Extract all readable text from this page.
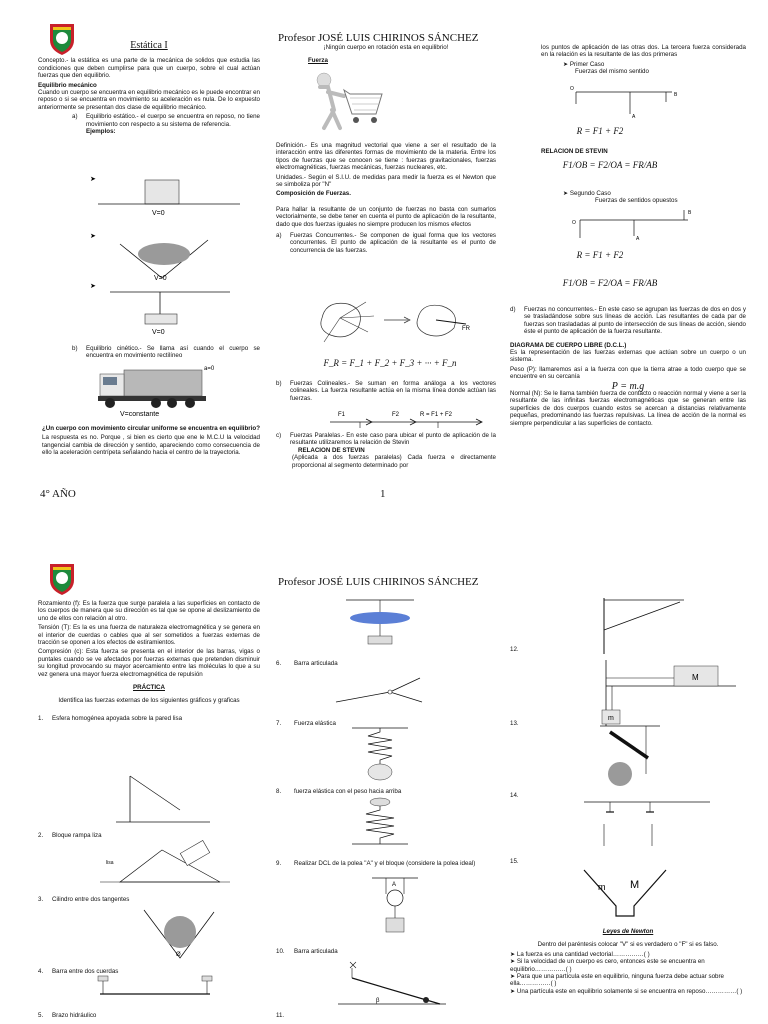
Profesor JOSÉ LUIS CHIRINOS SÁNCHEZ
Estática I

Concepto.- la estática es una parte de la mecánica de solidos que estudia las condiciones que deben cumplirse para que un cuerpo, sobre el cual actúan fuerzas que den equilibrio.

Equilibrio mecánico

Cuando un cuerpo se encuentra en equilibrio mecánico es le puede encontrar en reposo o si se encuentra en movimiento su aceleración es nula. De lo expuesto anteriormente se presentan dos clase de equilibrio mecánico.

a)	Equilibrio estático.- el cuerpo se encuentra en reposo, no tiene movimiento con respecto a su sistema de referencia.
Ejemplos:
➤
V=0
➤
V=0
➤
V=0
b)	Equilibrio cinético.- Se llama así cuando el cuerpo se encuentra en movimiento rectilíneo
a=0
V=constante

¿Un cuerpo con movimiento circular uniforme se encuentra en equilibrio?

La respuesta es no. Porque , si bien es cierto que ene le M.C.U la velocidad tangencial cambia de dirección y sentido, apareciendo como consecuencia de ello la aceleración centrípeta señalando hacia el centro de la trayectoria.

4° AÑO	1
¡Ningún cuerpo en rotación esta en equilibrio!
Fuerza

Definición.- Es una magnitud vectorial que viene a ser el resultado de la interacción entre las diferentes formas de movimiento de la materia. Entre los tipos de fuerzas que se conocen se tiene : fuerzas gravitacionales, fuerzas electromagnéticas, fuerzas mecánicas, fuerzas nucleares, etc.

Unidades.- Según el S.I.U. de medidas para medir la fuerza es el Newton que se simboliza por "N"

Composición de Fuerzas.

Para hallar la resultante de un conjunto de fuerzas no basta con sumarlos vectorialmente, se debe tener en cuenta el punto de aplicación de la resultante, dado que dos fuerzas iguales no siempre producen los mismos efectos

a)	Fuerzas Concurrentes.- Se componen de igual forma que los vectores concurrentes. El punto de aplicación de la resultante es el punto de concurrencia de las fuerzas.
FR
F_R = F_1 + F_2 + F_3 + ··· + F_n
b)	Fuerzas Colineales.- Se suman en forma análoga a los vectores colineales. La fuerza resultante actúa en la misma línea donde actúan las fuerzas.
F1	F2	R = F1 + F2
c)	Fuerzas Paralelas.- En este caso para ubicar el punto de aplicación de la resultante utilizaremos la relación de Stevin
RELACION DE STEVIN

(Aplicada a dos fuerzas paralelas) Cada fuerza e directamente proporcional al segmento determinado por

los puntos de aplicación de las otras dos. La tercera fuerza considerada en la relación es la resultante de las dos primeras

➤ Primer Caso
Fuerzas del mismo sentido
O
A
B
R = F1 + F2
RELACION DE STEVIN
F1/OB = F2/OA = FR/AB
➤ Segundo Caso
Fuerzas de sentidos opuestos
O
A
B
R = F1 + F2
F1/OB = F2/OA = FR/AB
d)	Fuerzas no concurrentes.- En este caso se agrupan las fuerzas de dos en dos y se trasladándose sobre sus líneas de acción. Las resultantes de cada par de fuerzas son trasladadas al punto de intersección de sus líneas de acción, siendo éste el punto de aplicación de la fuerza resultante.
DIAGRAMA DE CUERPO LIBRE (D.C.L.)

Es la representación de las fuerzas externas que actúan sobre un cuerpo o un sistema.

Peso (P): llamaremos así a la fuerza con que la tierra atrae a todo cuerpo que se encuentre en su cercanía

P = m.g

Normal (N): Se le llama también fuerza de contacto o reacción normal y viene a ser la resultante de las infinitas fuerzas electromagnéticas que se generan entre las superficies de dos cuerpos cuando estos se acercan a distancias relativamente pequeñas, predominando las fuerzas repulsivas. La línea de acción de la normal es siempre perpendicular a las superficies de contacto.

Profesor JOSÉ LUIS CHIRINOS SÁNCHEZ

Rozamiento (f): Es la fuerza que surge paralela a las superficies en contacto de los cuerpos de manera que su dirección es tal que se opone al deslizamiento de uno de ellos con relación al otro.

Tensión (T): Es la es una fuerza de naturaleza electromagnética y se genera en el interior de cuerdas o cables que al ser sometidos a fuerzas externas de tracción se oponen a los efectos de estiramientos.

Compresión (c): Esta fuerza se presenta en el interior de las barras, vigas o puntales cuando se ve afectados por fuerzas externas que pretenden disminuir su longitud provocando su mayor acercamiento entre las moléculas lo que a su vez genera una mayor fuerza electromagnética de repulsión

PRÁCTICA
Identifica las fuerzas externas de los siguientes gráficos y graficas
1. Esfera homogénea apoyada sobre la pared lisa
2. Bloque rampa liza
lisa
3. Cilindro entre dos tangentes
Ø
4. Barra entre dos cuerdas
5. Brazo hidráulico
6. Barra articulada
7. Fuerza elástica
8. fuerza elástica con el peso hacia arriba
9.	Realizar DCL de la polea "A" y el bloque (considere la polea ideal)
A
10. Barra articulada
β
11.
12.
M
m
13.
14.
15.
m M
Leyes de Newton
Dentro del paréntesis colocar "V" si es verdadero o "F" si es falso.
➤ La fuerza es una cantidad vectorial……………( )
➤ Si la velocidad de un cuerpo es cero, entonces este se encuentra en equilibrio……………( )
➤ Para que una partícula este en equilibrio, ninguna fuerza debe actuar sobre ella……………( )
➤ Una partícula este en equilibrio solamente si se encuentra en reposo……………( )
